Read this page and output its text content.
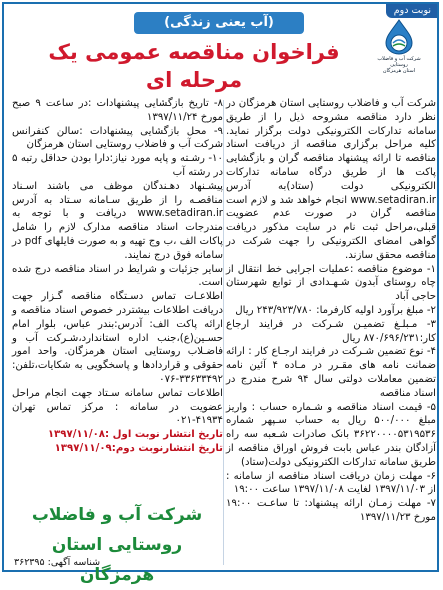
نوبت دوم
شرکت آب و فاضلاب روستایی
استان هرمزگان
(آب یعنی زندگی)
فراخوان مناقصه عمومی یک مرحله ای

شرکت آب و فاضلاب روستایی استان هرمزگان در نظر دارد مناقصه مشروحه ذیل را از طریق سامانه تدارکات الکترونیکی دولت برگزار نماید. کلیه مراحل برگزاری مناقصه از دریافت اسناد مناقصه تا ارائه پیشنهاد مناقصه گران و بازگشایی پاکت ها از طریق درگاه سامانه تدارکات الکترونیکی دولت (ستاد)به آدرس www.setadiran.ir انجام خواهد شد و لازم است مناقصه گران در صورت عدم عضویت قبلی،مراحل ثبت نام در سایت مذکور دریافت گواهی امضای الکترونیکی را جهت شرکت در مناقصه محقق سازند.

۱- موضوع مناقصه :عملیات اجرایی خط انتقال از چاه روستای آبدون شـهـدادی از توابع شهرستان حاجی آباد

۲- مبلغ برآورد اولیه کارفرما: ۲۴۳/۹۲۳/۷۸۰ ریال

۳- مـبلـغ تضمیـن شـرکت در فرایند ارجاع کار:۸۷۰/۶۹۶/۲۳۱ ریال

۴- نوع تضمین شـرکت در فرایند ارجـاع کار : ارائه ضمانت نامه های مقـرر در مـاده ۴ آئین نامه تضمین معاملات دولتی سال ۹۴ شرح مندرج در اسناد مناقصه

۵- قیمت اسناد مناقصه و شـماره حساب : واریز مبلغ ۵۰۰/۰۰۰ ریال به حساب سـپهر شماره ۳۶۲۲۰۰۰۰۵۳۱۹۵۳۶ بانک صادرات شـعبه سه راه آزادگان بندر عباس بابت فروش اوراق مناقصه از طریق سامانه تدارکات الکترونیکی دولت(ستاد)

۶- مهلت زمان دریافت اسناد مناقصه از سامانه : از ۱۳۹۷/۱۱/۰۳ لغایت ۱۳۹۷/۱۱/۰۸ ساعت ۱۹:۰۰

۷- مهلت زمـان ارائه پیشنهاد: تا ساعـت ۱۹:۰۰ مورخ ۱۳۹۷/۱۱/۲۳

۸- تاریخ بازگشایی پیشنهادات :در ساعت ۹ صبح مورخ ۱۳۹۷/۱۱/۲۴

۹- محل بازگشایی پیشنهادات :سالن کنفرانس شرکت آب و فاضلاب روستایی استان هرمزگان

۱۰- رشـته و پایه مورد نیاز:دارا بودن حداقل رتبه ۵ در رشته آب

پیشـنهاد دهـندگان موظف می باشند اسـناد مناقصـه را از طریق سـامانه سـتاد به آدرس www.setadiran.ir دریافت و با توجه به مندرجات اسناد مناقصه مدارک لازم را شامل پاکات الف ،ب وج تهیه و به صورت فایلهای pdf در سامانه فوق درج نمایند.

سایر جزئیات و شرایط در اسناد مناقصه درج شده است.

اطلاعـات تماس دسـتگاه مناقصه گـزار جهت دریافت اطلاعات بیشتردر خصوص اسناد مناقصه و ارائه پاکت الف: آدرس:بندر عباس، بلوار امام حسـین(ع)،جنب اداره استاندارد،شـرکت آب و فاضـلاب روستایی استان هرمزگان. واحد امور حقوقی و قراردادها و پاسخگویی به شکایات،تلفن: ۳۳۶۳۳۴۹۲-۰۷۶

اطلاعات تماس سامانه سـتاد جهت انجام مراحل عضویت در سامانه : مرکز تماس تهران ۴۱۹۳۴-۰۲۱

تاریخ انتشار نوبت اول :۱۳۹۷/۱۱/۰۸

تاریخ انتشارنوبت دوم:۱۳۹۷/۱۱/۰۹

شرکت آب و فاضلاب
روستایی استان هرمزگان
شناسه آگهی: ۳۶۲۳۹۵
